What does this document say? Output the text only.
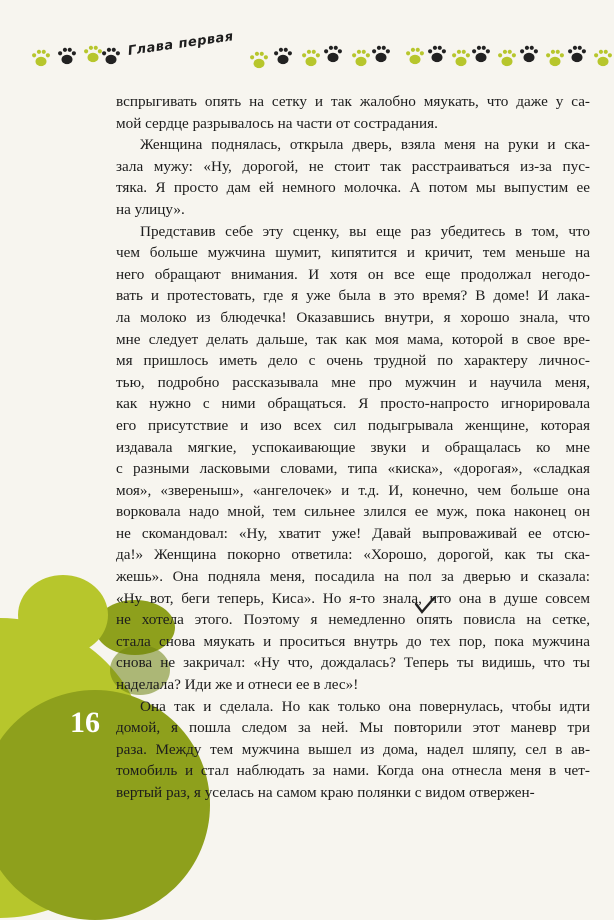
Глава первая
вспрыгивать опять на сетку и так жалобно мяукать, что даже у са-
мой сердце разрывалось на части от сострадания.
Женщина поднялась, открыла дверь, взяла меня на руки и ска-
зала мужу: «Ну, дорогой, не стоит так расстраиваться из-за пус-
тяка. Я просто дам ей немного молочка. А потом мы выпустим ее
на улицу».
Представив себе эту сценку, вы еще раз убедитесь в том, что
чем больше мужчина шумит, кипятится и кричит, тем меньше на
него обращают внимания. И хотя он все еще продолжал негодо-
вать и протестовать, где я уже была в это время? В доме! И лака-
ла молоко из блюдечка! Оказавшись внутри, я хорошо знала, что
мне следует делать дальше, так как моя мама, которой в свое вре-
мя пришлось иметь дело с очень трудной по характеру личнос-
тью, подробно рассказывала мне про мужчин и научила меня,
как нужно с ними обращаться. Я просто-напросто игнорировала
его присутствие и изо всех сил подыгрывала женщине, которая
издавала мягкие, успокаивающие звуки и обращалась ко мне
с разными ласковыми словами, типа «киска», «дорогая», «сладкая
моя», «звереныш», «ангелочек» и т.д. И, конечно, чем больше она
ворковала надо мной, тем сильнее злился ее муж, пока наконец он
не скомандовал: «Ну, хватит уже! Давай выпроваживай ее отсю-
да!» Женщина покорно ответила: «Хорошо, дорогой, как ты ска-
жешь». Она подняла меня, посадила на пол за дверью и сказала:
«Ну вот, беги теперь, Киса». Но я-то знала, что она в душе совсем
не хотела этого. Поэтому я немедленно опять повисла на сетке,
стала снова мяукать и проситься внутрь до тех пор, пока мужчина
снова не закричал: «Ну что, дождалась? Теперь ты видишь, что ты
наделала? Иди же и отнеси ее в лес»!
Она так и сделала. Но как только она повернулась, чтобы идти
домой, я пошла следом за ней. Мы повторили этот маневр три
раза. Между тем мужчина вышел из дома, надел шляпу, сел в ав-
томобиль и стал наблюдать за нами. Когда она отнесла меня в чет-
вертый раз, я уселась на самом краю полянки с видом отвержен-
16
